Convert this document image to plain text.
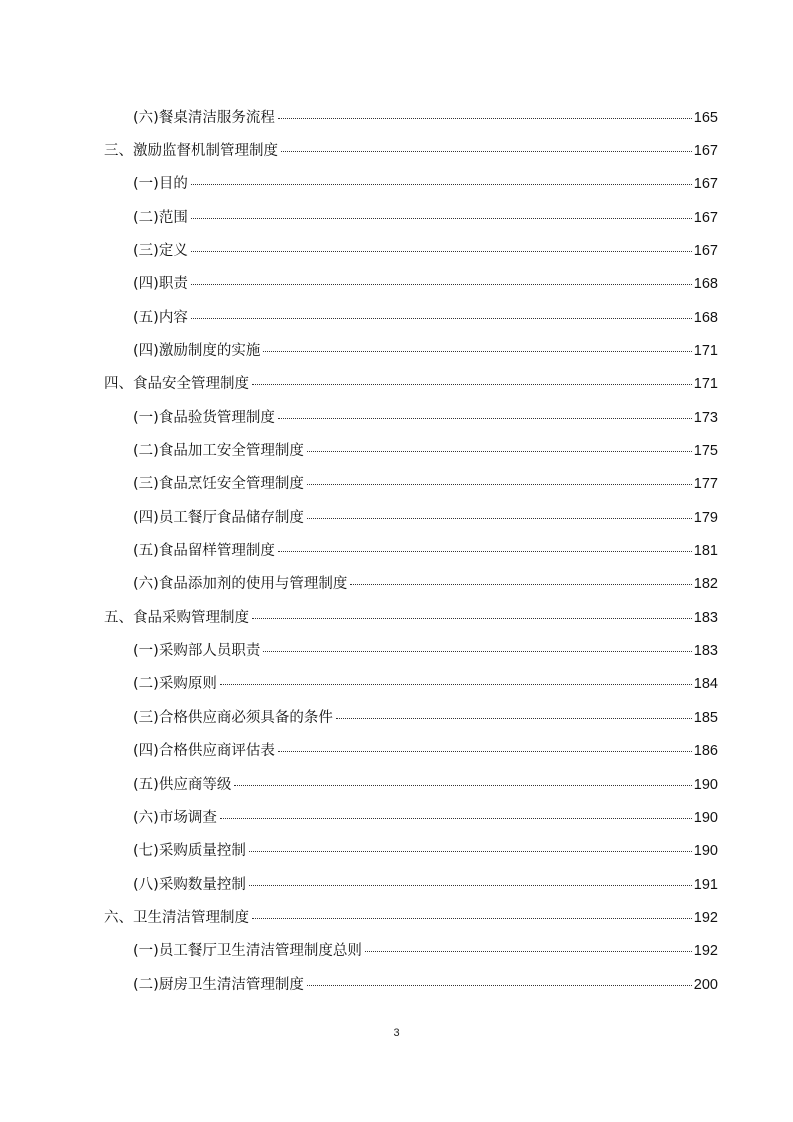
(六)餐桌清洁服务流程	165
三、激励监督机制管理制度	167
(一)目的	167
(二)范围	167
(三)定义	167
(四)职责	168
(五)内容	168
(四)激励制度的实施	171
四、食品安全管理制度	171
(一)食品验货管理制度	173
(二)食品加工安全管理制度	175
(三)食品烹饪安全管理制度	177
(四)员工餐厅食品储存制度	179
(五)食品留样管理制度	181
(六)食品添加剂的使用与管理制度	182
五、食品采购管理制度	183
(一)采购部人员职责	183
(二)采购原则	184
(三)合格供应商必须具备的条件	185
(四)合格供应商评估表	186
(五)供应商等级	190
(六)市场调查	190
(七)采购质量控制	190
(八)采购数量控制	191
六、卫生清洁管理制度	192
(一)员工餐厅卫生清洁管理制度总则	192
(二)厨房卫生清洁管理制度	200
3
